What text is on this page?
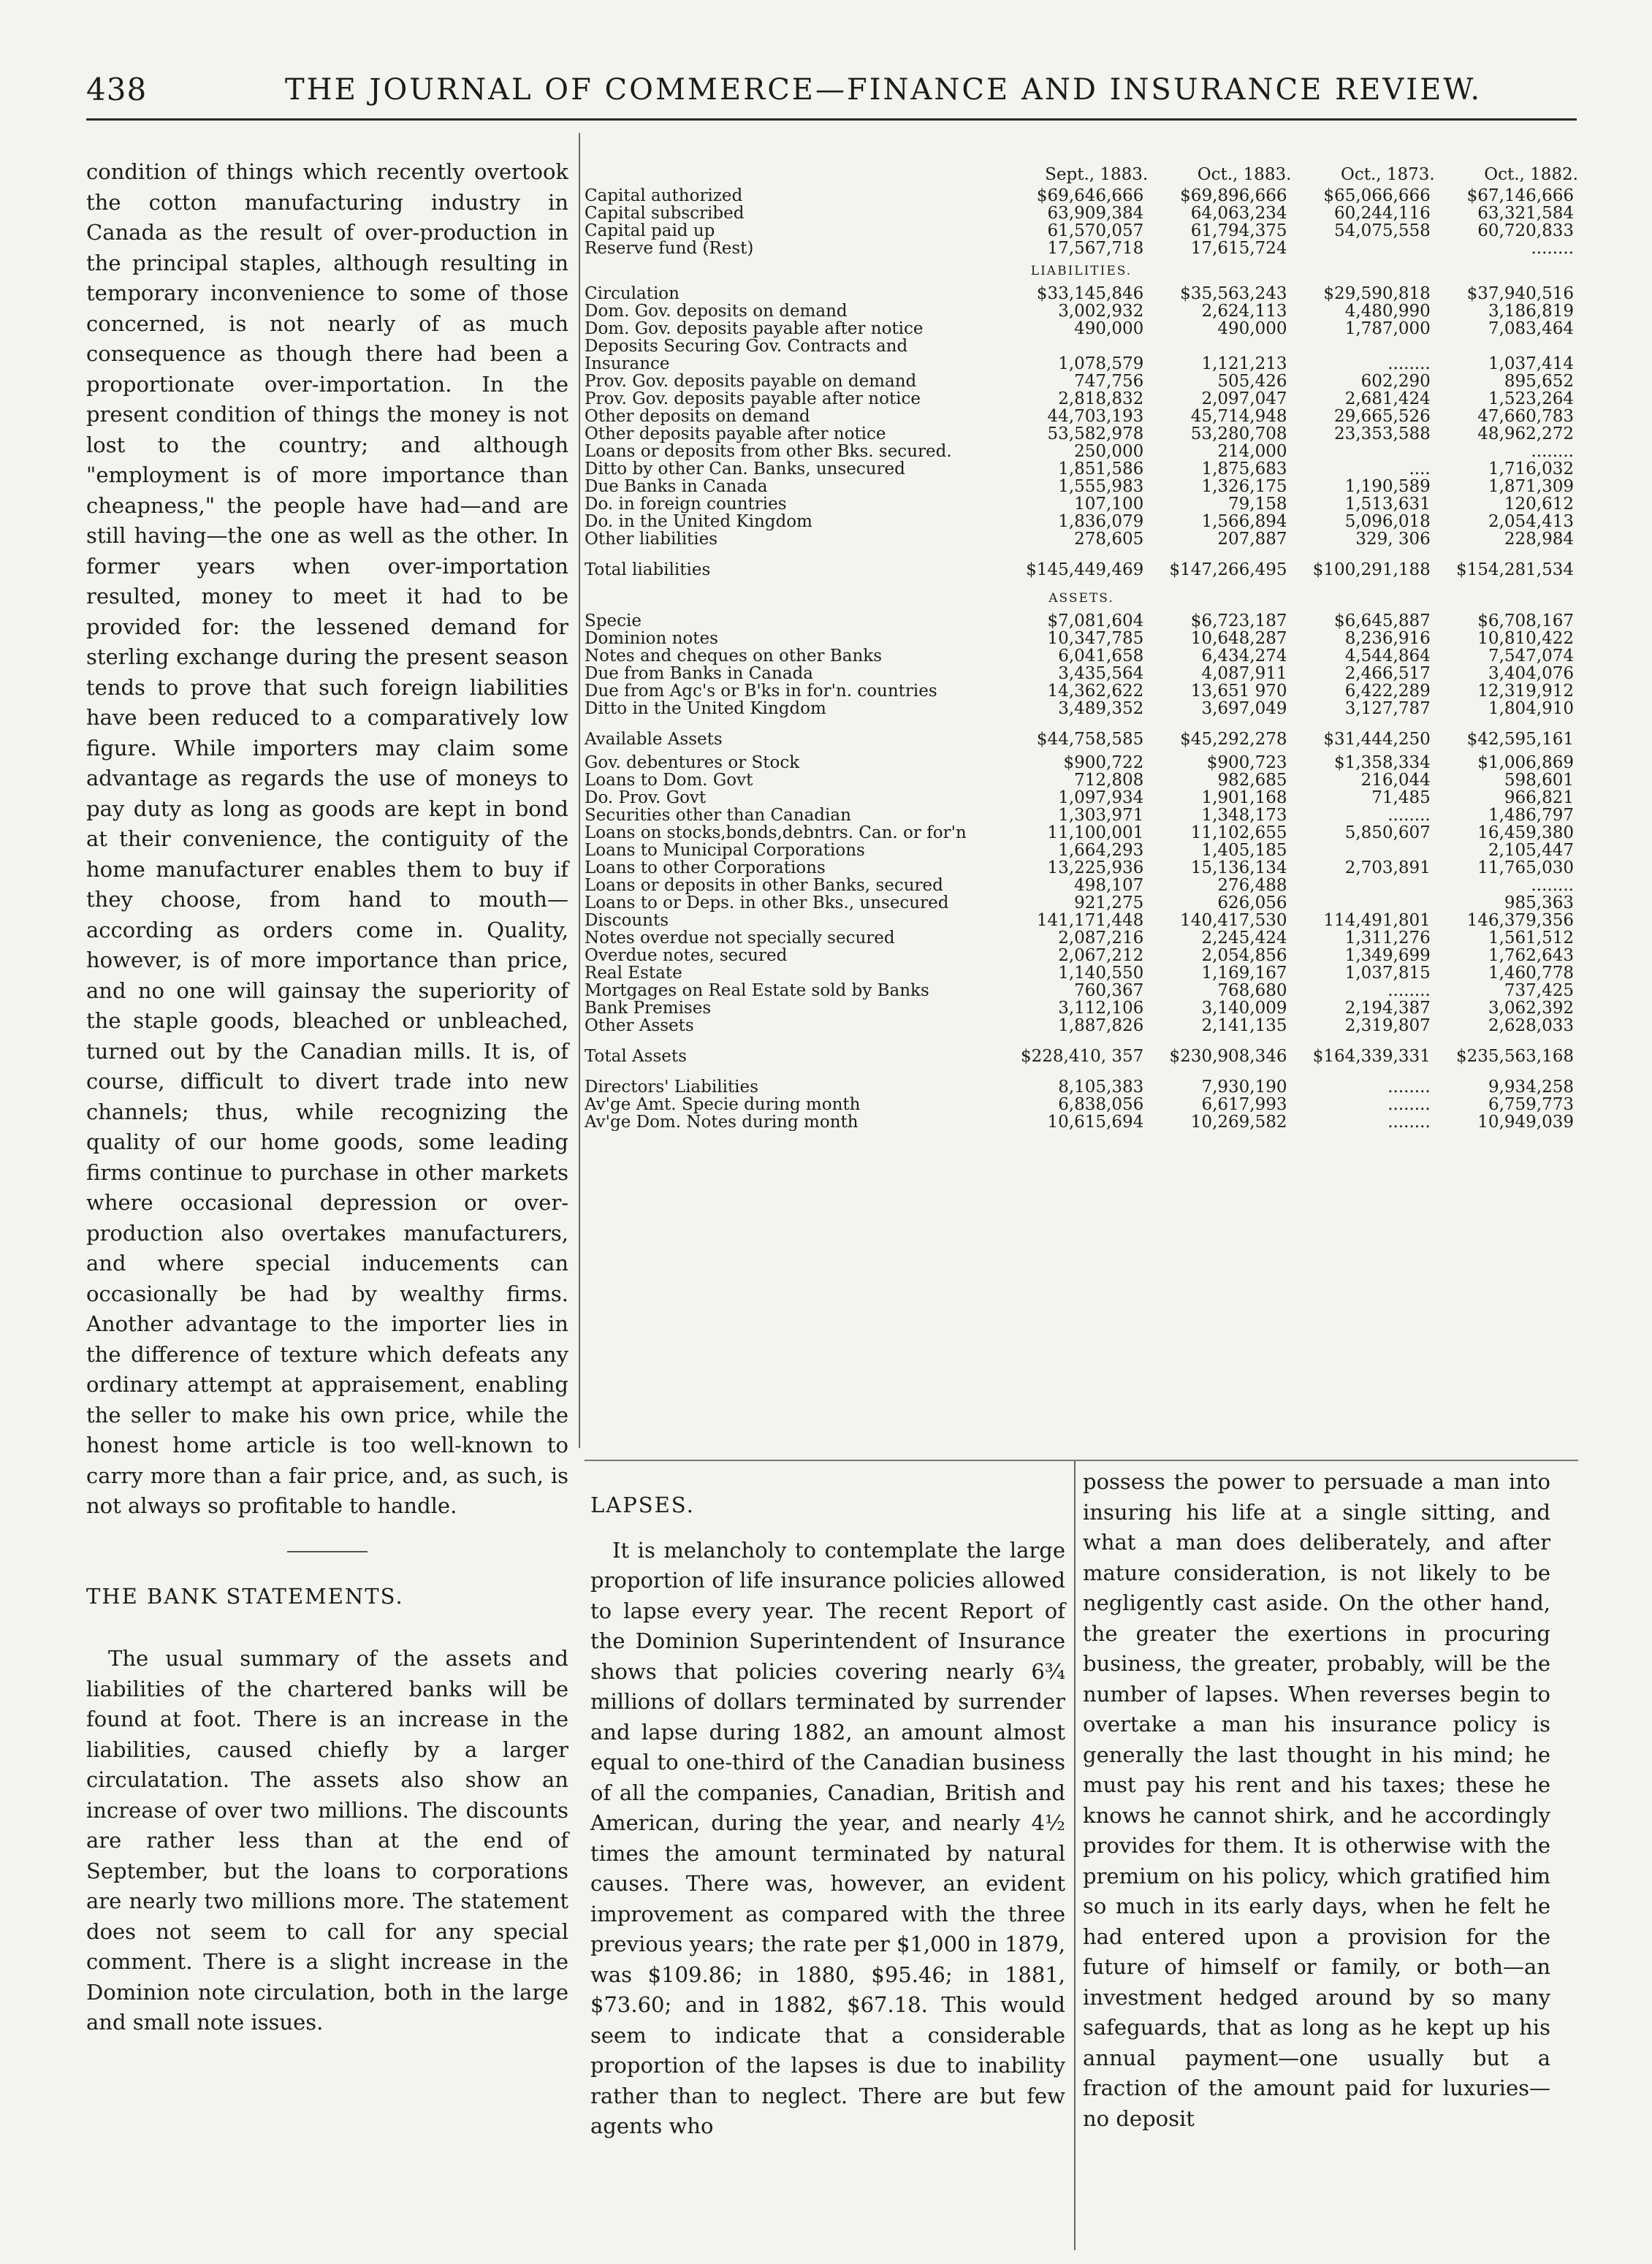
438	THE JOURNAL OF COMMERCE—FINANCE AND INSURANCE REVIEW.

condition of things which recently overtook the cotton manufacturing industry in Canada as the result of over-production in the principal staples, although resulting in temporary inconvenience to some of those concerned, is not nearly of as much consequence as though there had been a proportionate over-importation. In the present condition of things the money is not lost to the country; and although "employment is of more importance than cheapness," the people have had—and are still having—the one as well as the other. In former years when over-importation resulted, money to meet it had to be provided for: the lessened demand for sterling exchange during the present season tends to prove that such foreign liabilities have been reduced to a comparatively low figure. While importers may claim some advantage as regards the use of moneys to pay duty as long as goods are kept in bond at their convenience, the contiguity of the home manufacturer enables them to buy if they choose, from hand to mouth—according as orders come in. Quality, however, is of more importance than price, and no one will gainsay the superiority of the staple goods, bleached or unbleached, turned out by the Canadian mills. It is, of course, difficult to divert trade into new channels; thus, while recognizing the quality of our home goods, some leading firms continue to purchase in other markets where occasional depression or over-production also overtakes manufacturers, and where special inducements can occasionally be had by wealthy firms. Another advantage to the importer lies in the difference of texture which defeats any ordinary attempt at appraisement, enabling the seller to make his own price, while the honest home article is too well-known to carry more than a fair price, and, as such, is not always so profitable to handle.

THE BANK STATEMENTS.

The usual summary of the assets and liabilities of the chartered banks will be found at foot. There is an increase in the liabilities, caused chiefly by a larger circulatation. The assets also show an increase of over two millions. The discounts are rather less than at the end of September, but the loans to corporations are nearly two millions more. The statement does not seem to call for any special comment. There is a slight increase in the Dominion note circulation, both in the large and small note issues.

	Sept., 1883.	Oct., 1883.	Oct., 1873.	Oct., 1882.
Capital authorized	$69,646,666	$69,896,666	$65,066,666	$67,146,666
Capital subscribed	63,909,384	64,063,234	60,244,116	63,321,584
Capital paid up	61,570,057	61,794,375	54,075,558	60,720,833
Reserve fund (Rest)	17,567,718	17,615,724		........
LIABILITIES.				
Circulation	$33,145,846	$35,563,243	$29,590,818	$37,940,516
Dom. Gov. deposits on demand	3,002,932	2,624,113	4,480,990	3,186,819
Dom. Gov. deposits payable after notice	490,000	490,000	1,787,000	7,083,464
Deposits Securing Gov. Contracts and				
Insurance	1,078,579	1,121,213	........	1,037,414
Prov. Gov. deposits payable on demand	747,756	505,426	602,290	895,652
Prov. Gov. deposits payable after notice	2,818,832	2,097,047	2,681,424	1,523,264
Other deposits on demand	44,703,193	45,714,948	29,665,526	47,660,783
Other deposits payable after notice	53,582,978	53,280,708	23,353,588	48,962,272
Loans or deposits from other Bks. secured.	250,000	214,000		........
Ditto by other Can. Banks, unsecured	1,851,586	1,875,683	....	1,716,032
Due Banks in Canada	1,555,983	1,326,175	1,190,589	1,871,309
Do. in foreign countries	107,100	79,158	1,513,631	120,612
Do. in the United Kingdom	1,836,079	1,566,894	5,096,018	2,054,413
Other liabilities	278,605	207,887	329, 306	228,984

Total liabilities	$145,449,469	$147,266,495	$100,291,188	$154,281,534
ASSETS.				
Specie	$7,081,604	$6,723,187	$6,645,887	$6,708,167
Dominion notes	10,347,785	10,648,287	8,236,916	10,810,422
Notes and cheques on other Banks	6,041,658	6,434,274	4,544,864	7,547,074
Due from Banks in Canada	3,435,564	4,087,911	2,466,517	3,404,076
Due from Agc's or B'ks in for'n. countries	14,362,622	13,651 970	6,422,289	12,319,912
Ditto in the United Kingdom	3,489,352	3,697,049	3,127,787	1,804,910

Available Assets	$44,758,585	$45,292,278	$31,444,250	$42,595,161
Gov. debentures or Stock	$900,722	$900,723	$1,358,334	$1,006,869
Loans to Dom. Govt	712,808	982,685	216,044	598,601
Do. Prov. Govt	1,097,934	1,901,168	71,485	966,821
Securities other than Canadian	1,303,971	1,348,173	........	1,486,797
Loans on stocks,bonds,debntrs. Can. or for'n	11,100,001	11,102,655	5,850,607	16,459,380
Loans to Municipal Corporations	1,664,293	1,405,185		2,105,447
Loans to other Corporations	13,225,936	15,136,134	2,703,891	11,765,030
Loans or deposits in other Banks, secured	498,107	276,488		........
Loans to or Deps. in other Bks., unsecured	921,275	626,056		985,363
Discounts	141,171,448	140,417,530	114,491,801	146,379,356
Notes overdue not specially secured	2,087,216	2,245,424	1,311,276	1,561,512
Overdue notes, secured	2,067,212	2,054,856	1,349,699	1,762,643
Real Estate	1,140,550	1,169,167	1,037,815	1,460,778
Mortgages on Real Estate sold by Banks	760,367	768,680	........	737,425
Bank Premises	3,112,106	3,140,009	2,194,387	3,062,392
Other Assets	1,887,826	2,141,135	2,319,807	2,628,033

Total Assets	$228,410, 357	$230,908,346	$164,339,331	$235,563,168

Directors' Liabilities	8,105,383	7,930,190	........	9,934,258
Av'ge Amt. Specie during month	6,838,056	6,617,993	........	6,759,773
Av'ge Dom. Notes during month	10,615,694	10,269,582	........	10,949,039

LAPSES.

It is melancholy to contemplate the large proportion of life insurance policies allowed to lapse every year. The recent Report of the Dominion Superintendent of Insurance shows that policies covering nearly 6¾ millions of dollars terminated by surrender and lapse during 1882, an amount almost equal to one-third of the Canadian business of all the companies, Canadian, British and American, during the year, and nearly 4½ times the amount terminated by natural causes. There was, however, an evident improvement as compared with the three previous years; the rate per $1,000 in 1879, was $109.86; in 1880, $95.46; in 1881, $73.60; and in 1882, $67.18. This would seem to indicate that a considerable proportion of the lapses is due to inability rather than to neglect. There are but few agents who

possess the power to persuade a man into insuring his life at a single sitting, and what a man does deliberately, and after mature consideration, is not likely to be negligently cast aside. On the other hand, the greater the exertions in procuring business, the greater, probably, will be the number of lapses. When reverses begin to overtake a man his insurance policy is generally the last thought in his mind; he must pay his rent and his taxes; these he knows he cannot shirk, and he accordingly provides for them. It is otherwise with the premium on his policy, which gratified him so much in its early days, when he felt he had entered upon a provision for the future of himself or family, or both—an investment hedged around by so many safeguards, that as long as he kept up his annual payment—one usually but a fraction of the amount paid for luxuries—no deposit
